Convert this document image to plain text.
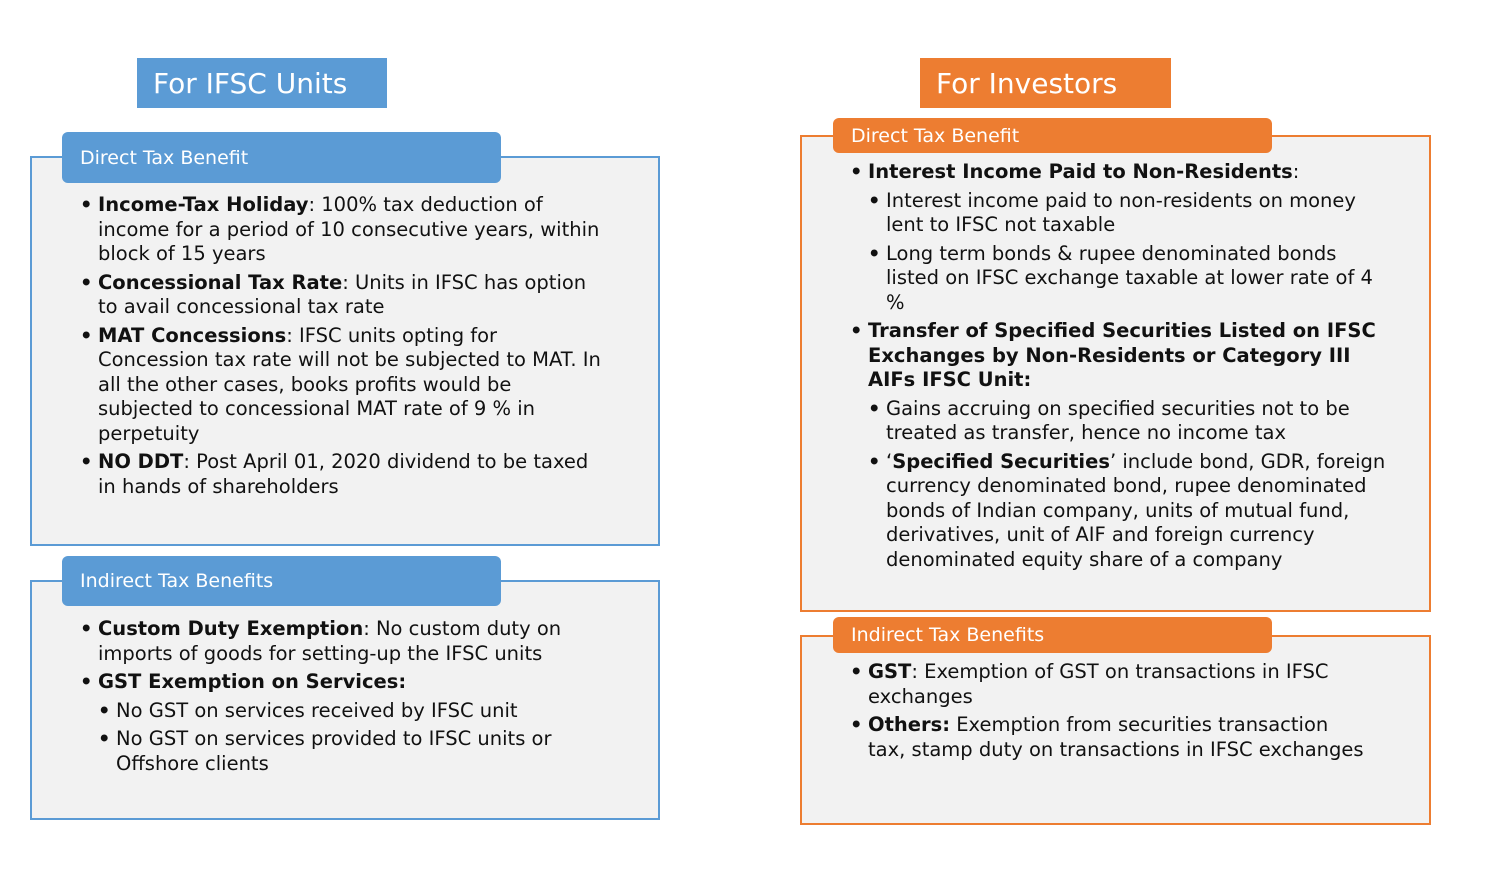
For IFSC Units
Direct Tax Benefit
• Income-Tax Holiday: 100% tax deduction of income for a period of 10 consecutive years, within block of 15 years
• Concessional Tax Rate: Units in IFSC has option to avail concessional tax rate
• MAT Concessions: IFSC units opting for Concession tax rate will not be subjected to MAT. In all the other cases, books profits would be subjected to concessional MAT rate of 9 % in perpetuity
• NO DDT: Post April 01, 2020 dividend to be taxed in hands of shareholders
Indirect Tax Benefits
• Custom Duty Exemption: No custom duty on imports of goods for setting-up the IFSC units
• GST Exemption on Services:
• No GST on services received by IFSC unit
• No GST on services provided to IFSC units or Offshore clients
For Investors
Direct Tax Benefit
• Interest Income Paid to Non-Residents:
• Interest income paid to non-residents on money lent to IFSC not taxable
• Long term bonds & rupee denominated bonds listed on IFSC exchange taxable at lower rate of 4 %
• Transfer of Specified Securities Listed on IFSC Exchanges by Non-Residents or Category III AIFs IFSC Unit:
• Gains accruing on specified securities not to be treated as transfer, hence no income tax
• ‘Specified Securities’ include bond, GDR, foreign currency denominated bond, rupee denominated bonds of Indian company, units of mutual fund, derivatives, unit of AIF and foreign currency denominated equity share of a company
Indirect Tax Benefits
• GST: Exemption of GST on transactions in IFSC exchanges
• Others: Exemption from securities transaction tax, stamp duty on transactions in IFSC exchanges
